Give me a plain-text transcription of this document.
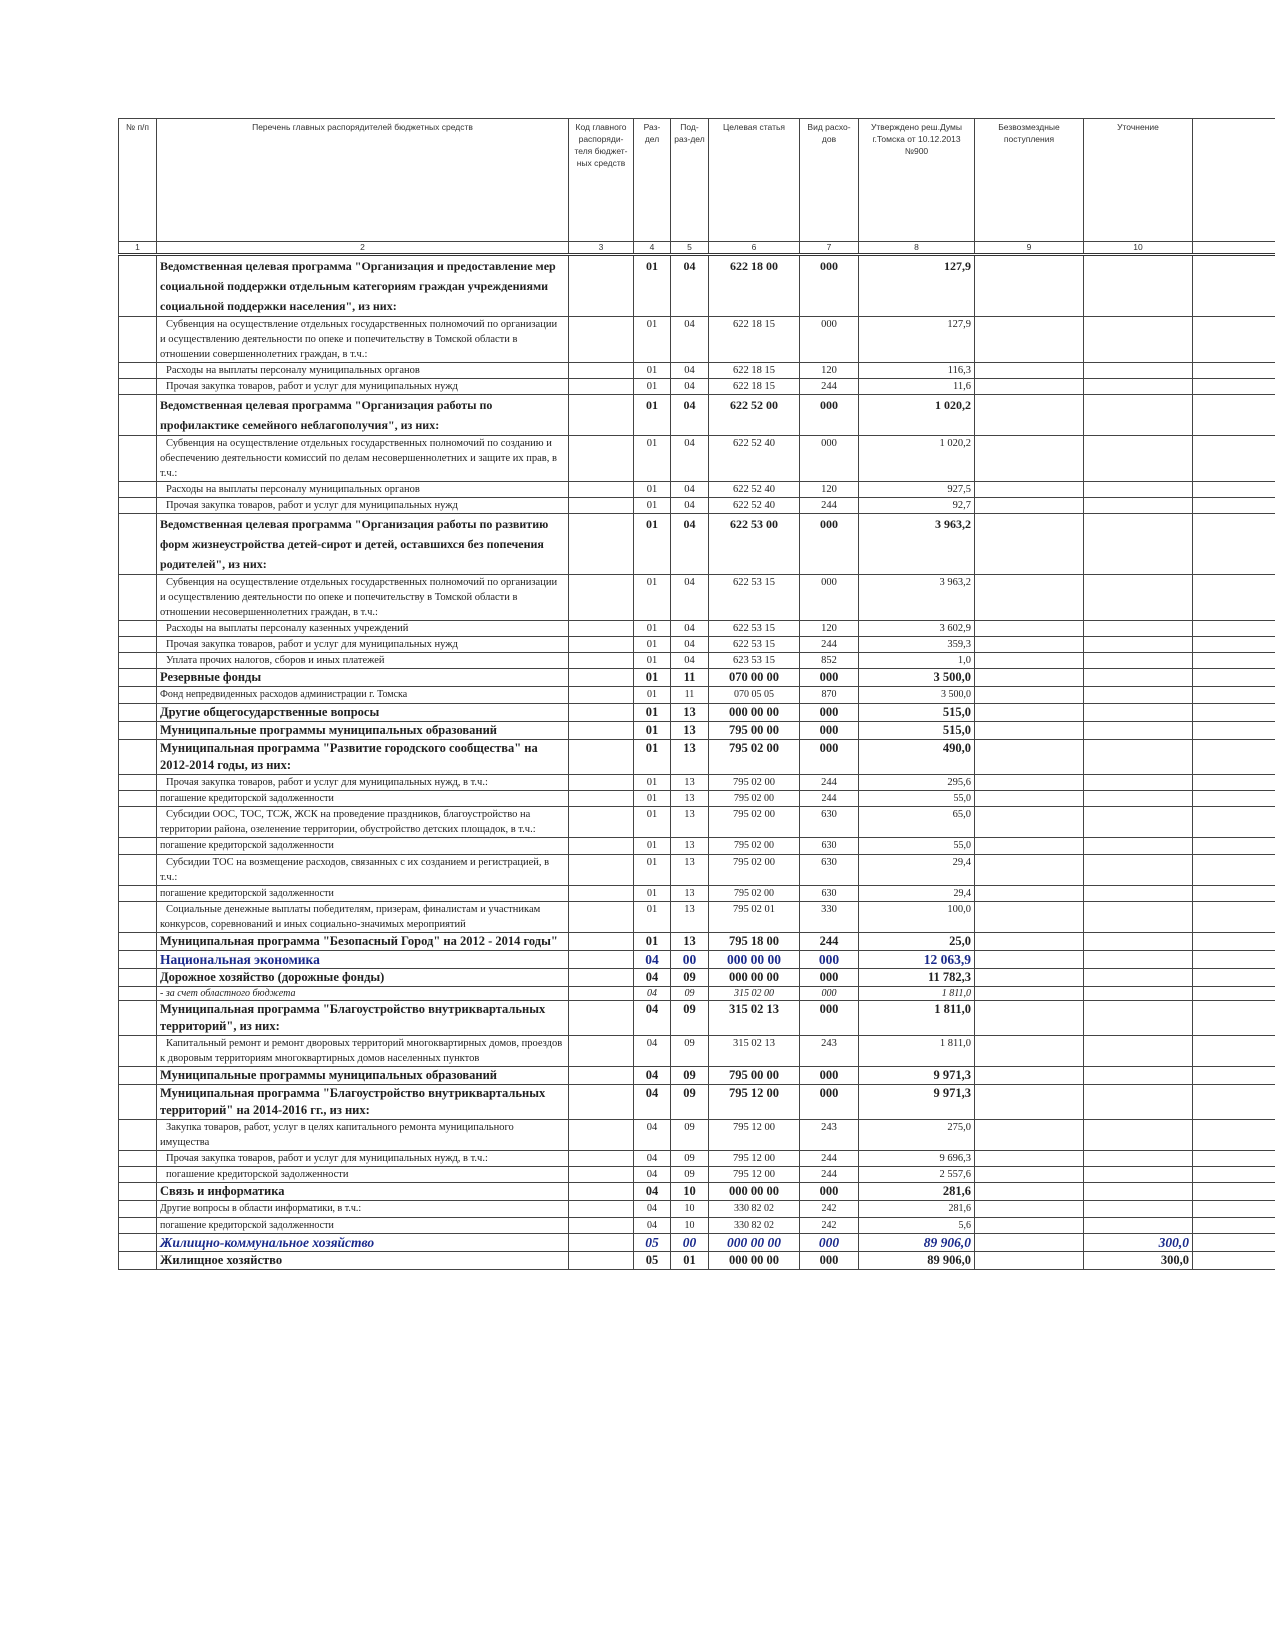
№ п/п	Перечень главных распорядителей бюджетных средств	Код главного распоряди-теля бюджет-ных средств	Раз-дел	Под-раз-дел	Целевая статья	Вид расхо-дов	Утверждено реш.Думы г.Томска от 10.12.2013 №900	Безвозмездные поступления	Уточнение	
1	2	3	4	5	6	7	8	9	10	
	Ведомственная целевая программа "Организация и предоставление мер социальной поддержки отдельным категориям граждан учреждениями социальной поддержки населения", из них:		01	04	622 18 00	000	127,9			
	Субвенция на осуществление отдельных государственных полномочий по организации и осуществлению деятельности по опеке и попечительству в Томской области в отношении совершеннолетних граждан, в т.ч.:		01	04	622 18 15	000	127,9			
	Расходы на выплаты персоналу муниципальных органов		01	04	622 18 15	120	116,3			
	Прочая закупка товаров, работ и услуг для муниципальных нужд		01	04	622 18 15	244	11,6			
	Ведомственная целевая программа "Организация работы по профилактике семейного неблагополучия", из них:		01	04	622 52 00	000	1 020,2			
	Субвенция на осуществление отдельных государственных полномочий по созданию и обеспечению деятельности комиссий по делам несовершеннолетних и защите их прав, в т.ч.:		01	04	622 52 40	000	1 020,2			
	Расходы на выплаты персоналу муниципальных органов		01	04	622 52 40	120	927,5			
	Прочая закупка товаров, работ и услуг для муниципальных нужд		01	04	622 52 40	244	92,7			
	Ведомственная целевая программа "Организация работы по развитию форм жизнеустройства детей-сирот и детей, оставшихся без попечения родителей", из них:		01	04	622 53 00	000	3 963,2			
	Субвенция на осуществление отдельных государственных полномочий по организации и осуществлению деятельности по опеке и попечительству в Томской области в отношении несовершеннолетних граждан, в т.ч.:		01	04	622 53 15	000	3 963,2			
	Расходы на выплаты персоналу казенных учреждений		01	04	622 53 15	120	3 602,9			
	Прочая закупка товаров, работ и услуг для муниципальных нужд		01	04	622 53 15	244	359,3			
	Уплата прочих налогов, сборов и иных платежей		01	04	623 53 15	852	1,0			
	Резервные фонды		01	11	070 00 00	000	3 500,0			
	Фонд непредвиденных расходов администрации г. Томска		01	11	070 05 05	870	3 500,0			
	Другие общегосударственные вопросы		01	13	000 00 00	000	515,0			
	Муниципальные программы муниципальных образований		01	13	795 00 00	000	515,0			
	Муниципальная программа "Развитие городского сообщества" на 2012-2014 годы, из них:		01	13	795 02 00	000	490,0			
	Прочая закупка товаров, работ и услуг для муниципальных нужд, в т.ч.:		01	13	795 02 00	244	295,6			
	погашение кредиторской задолженности		01	13	795 02 00	244	55,0			
	Субсидии ООС, ТОС, ТСЖ, ЖСК на проведение праздников, благоустройство на территории района, озеленение территории, обустройство детских площадок, в т.ч.:		01	13	795 02 00	630	65,0			
	погашение кредиторской задолженности		01	13	795 02 00	630	55,0			
	Субсидии ТОС на возмещение расходов, связанных с их созданием и регистрацией, в т.ч.:		01	13	795 02 00	630	29,4			
	погашение кредиторской задолженности		01	13	795 02 00	630	29,4			
	Социальные денежные выплаты победителям, призерам, финалистам и участникам конкурсов, соревнований и иных социально-значимых мероприятий		01	13	795 02 01	330	100,0			
	Муниципальная программа "Безопасный Город" на 2012 - 2014 годы"		01	13	795 18 00	244	25,0			
	Национальная экономика		04	00	000 00 00	000	12 063,9			
	Дорожное хозяйство (дорожные фонды)		04	09	000 00 00	000	11 782,3			
	- за счет областного бюджета		04	09	315 02 00	000	1 811,0			
	Муниципальная программа "Благоустройство внутриквартальных территорий", из них:		04	09	315 02 13	000	1 811,0			
	Капитальный ремонт и ремонт дворовых территорий многоквартирных домов, проездов к дворовым территориям многоквартирных домов населенных пунктов		04	09	315 02 13	243	1 811,0			
	Муниципальные программы муниципальных образований		04	09	795 00 00	000	9 971,3			
	Муниципальная программа "Благоустройство внутриквартальных территорий" на 2014-2016 гг., из них:		04	09	795 12 00	000	9 971,3			
	Закупка товаров, работ, услуг в целях капитального ремонта муниципального имущества		04	09	795 12 00	243	275,0			
	Прочая закупка товаров, работ и услуг для муниципальных нужд, в т.ч.:		04	09	795 12 00	244	9 696,3			
	погашение кредиторской задолженности		04	09	795 12 00	244	2 557,6			
	Связь и информатика		04	10	000 00 00	000	281,6			
	Другие вопросы в области информатики, в т.ч.:		04	10	330 82 02	242	281,6			
	погашение кредиторской задолженности		04	10	330 82 02	242	5,6			
	Жилищно-коммунальное хозяйство		05	00	000 00 00	000	89 906,0		300,0	
	Жилищное хозяйство		05	01	000 00 00	000	89 906,0		300,0	
